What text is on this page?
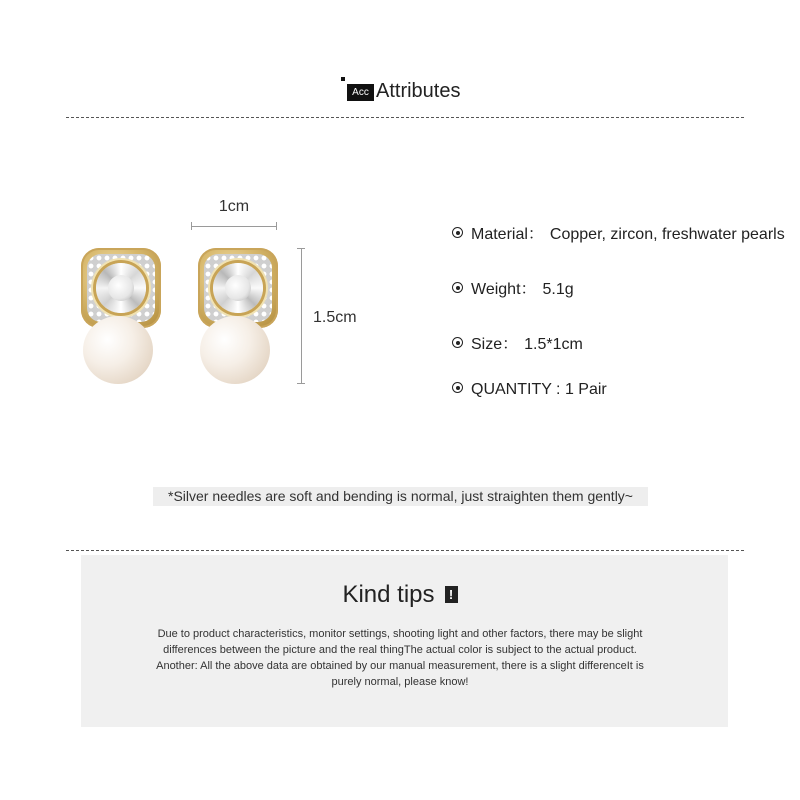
Acc Attributes
1cm
1.5cm
Material： Copper, zircon, freshwater pearls
Weight： 5.1g
Size： 1.5*1cm
QUANTITY : 1 Pair
*Silver needles are soft and bending is normal, just straighten them gently~
Kind tips !
Due to product characteristics, monitor settings, shooting light and other factors, there may be slight
differences between the picture and the real thingThe actual color is subject to the actual product.
Another: All the above data are obtained by our manual measurement, there is a slight differenceIt is
purely normal, please know!
